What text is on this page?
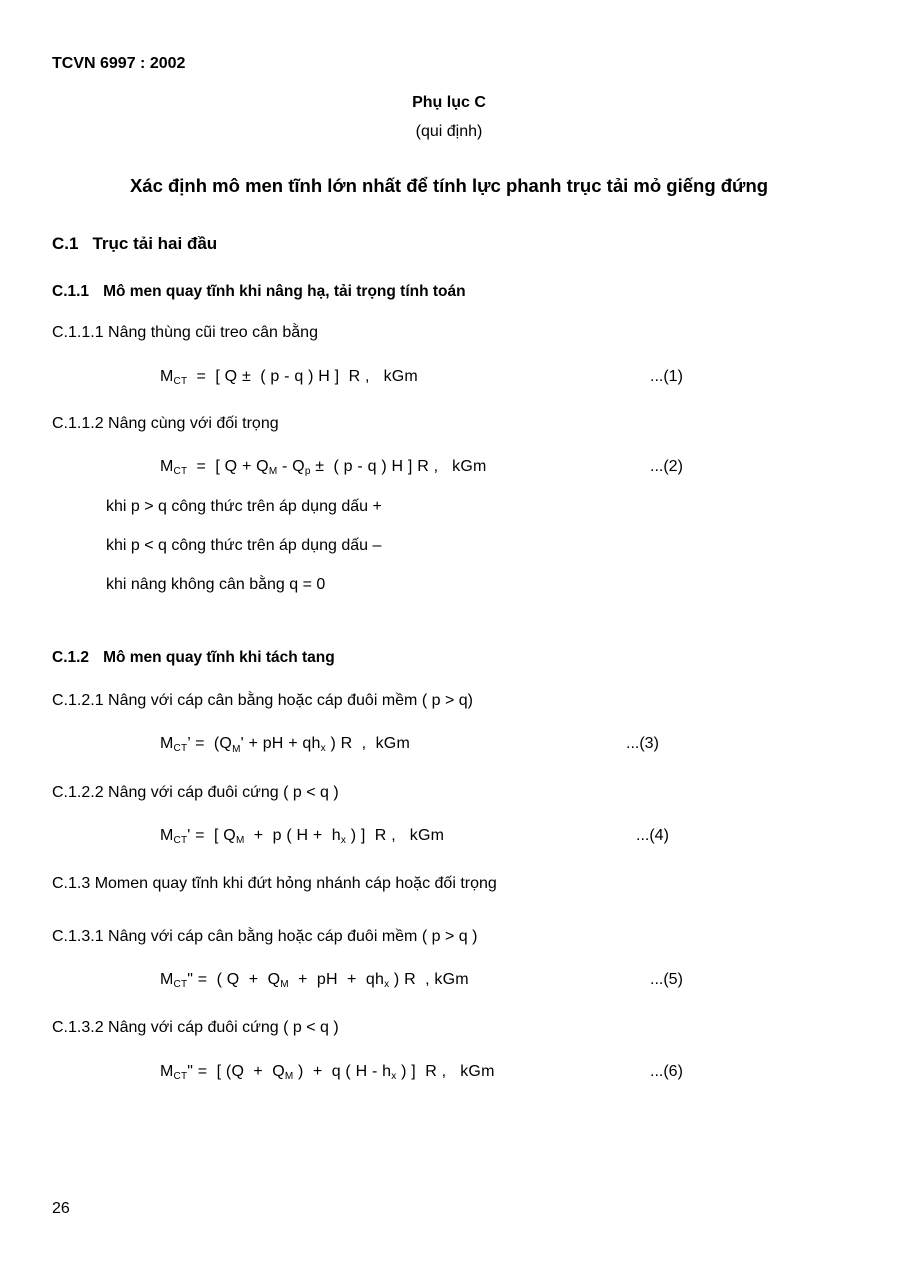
TCVN 6997 : 2002
Phụ lục C
(qui định)
Xác định mô men tĩnh lớn nhất để tính lực phanh trục tải mỏ giếng đứng
C.1 Trục tải hai đầu
C.1.1 Mô men quay tĩnh khi nâng hạ, tải trọng tính toán
C.1.1.1 Nâng thùng cũi treo cân bằng
$M_{CT}$  =  [ Q ±  ( p - q ) H ]  R ,   kGm	...(1)
C.1.1.2 Nâng cùng với đối trọng
$M_{CT}$  =  [ $Q + Q_M - Q_p$ ±  ( p - q ) H ] R ,   kGm	...(2)
khi p > q công thức trên áp dụng dấu +
khi p < q công thức trên áp dụng dấu –
khi nâng không cân bằng q = 0
C.1.2 Mô men quay tĩnh khi tách tang
C.1.2.1 Nâng với cáp cân bằng hoặc cáp đuôi mềm ( p > q)
$M_{CT}$’ =  ($Q_M'$ + pH + $qh_x$ ) R  ,  kGm	...(3)
C.1.2.2 Nâng với cáp đuôi cứng ( p < q )
$M_{CT}'$ =  [ $Q_M + p$ ( $H + h_x$ ) ]  R ,   kGm	...(4)
C.1.3 Momen quay tĩnh khi đứt hỏng nhánh cáp hoặc đối trọng
C.1.3.1 Nâng với cáp cân bằng hoặc cáp đuôi mềm ( p > q )
$M_{CT}$" =  ( $Q + Q_M$  +  pH  +  $qh_x$ ) R  , kGm	...(5)
C.1.3.2 Nâng với cáp đuôi cứng ( p < q )
$M_{CT}$" =  [ ($Q + Q_M$ )  +  q ( H - $h_x$ ) ]  R ,   kGm	...(6)
26
